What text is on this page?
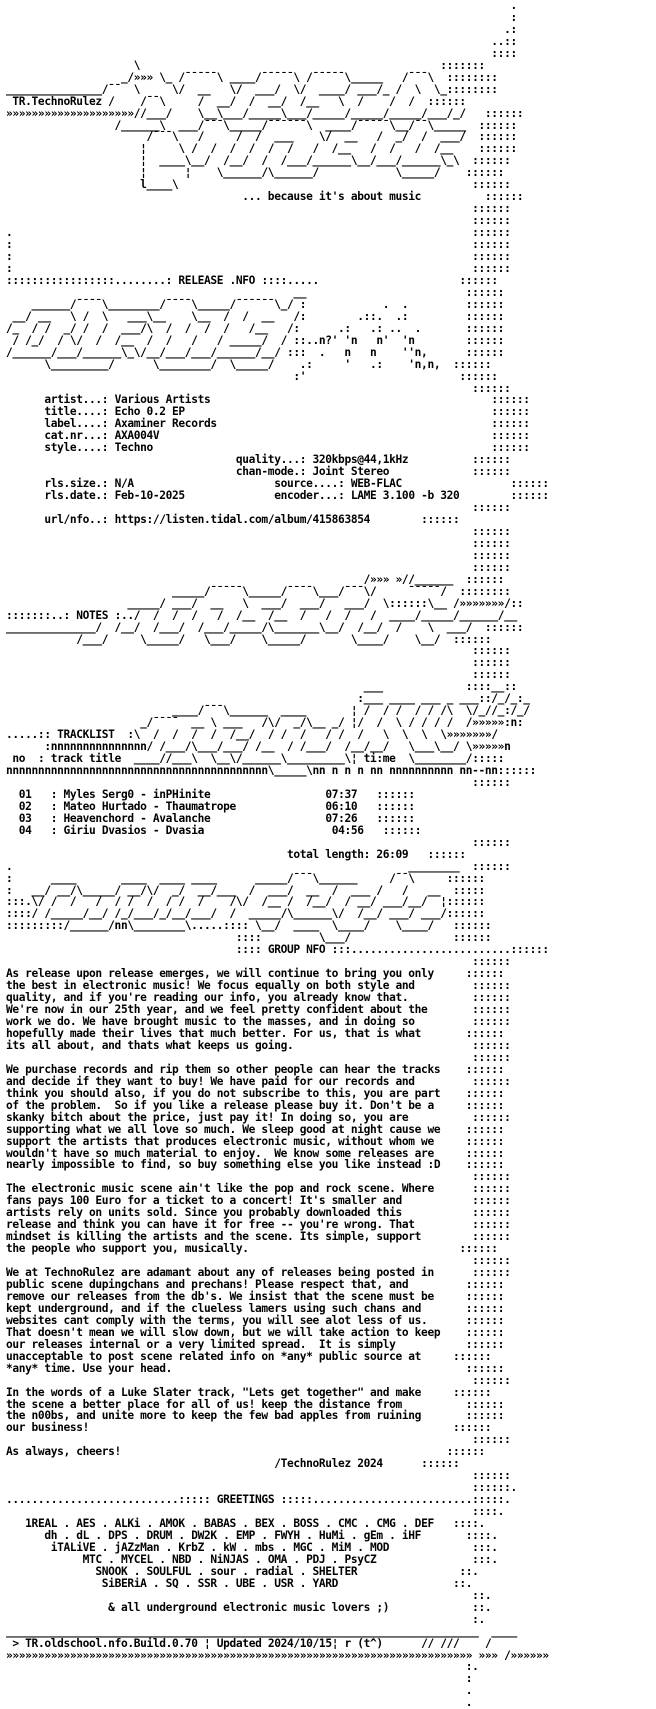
.
:
.:
..::
::::
\                                               :::::::
_/»»» \_ /¯¯¯¯¯\ ____/¯¯¯¯¯\ /¯¯¯¯¯\_____   /¯¯¯\  ::::::::
_______________/¯¯  \     \/  __   \/  ___/  \/  ____/ ___/_ /  \  \_::::::::
TR.TechnoRulez /    /¯¯\     /  __/  /  __/  /__   \  /    /  /  ::::::
»»»»»»»»»»»»»»»»»»»»//___/    \__\___/_____\___/_____/_____/_____/___/_/   ::::::
/______\  ___/¯¯¯\_____/¯¯¯¯¯¯\  ____/¯¯¯¯¯\__/¯¯\_____  ::::::
/¯¯¯\   /     /  /  ___    \/  __   /  _/  /  ___/  ::::::
¦     \ /  /  /  /  /  /   /  /__   /  /   /  /__    ::::::
¦  ____\__/  /__/  /  /___/______\__/___/______\_\  ::::::
¦      ¦    \______/\______/            \_____/    ::::::
l____\                                              ::::::
... because it's about music	::::::
::::::
::::::
.                                                                        ::::::
:                                                                        ::::::
:                                                                        ::::::
:                                                                        ::::::
:::::::::::::::::........: RELEASE .NFO ::::.....                      ::::::
__                         ::::::
______/¯¯¯¯\________/¯¯¯¯\_____/¯¯¯¯¯¯\_/ :            .  .         ::::::
__/ __   \ /  \   ___\__    \__  /  /  __   /:        .::.  .:         ::::::
/_  / /  _/ /  /  ___/\  /  /  /  /   /__   /:      .:   .: ..  .       ::::::
/ /_/  / \/  /  /__  /  /   /   / _____/  / ::..n?' 'n   n'  'n        ::::::
/______/___/______\_\/__/___/___/______/__/ :::  .   n   n    ''n,      ::::::
\_________/      \________/  \_____/    .:     '   .:    'n,n,  ::::::
:'                        ::::::
::::::
artist...: Various Artists	::::::
title....: Echo 0.2 EP	::::::
label....: Axaminer Records	::::::
cat.nr...: AXA004V	::::::
style....: Techno	::::::
quality...: 320kbps@44,1kHz	::::::
chan-mode.: Joint Stereo	::::::
rls.size.: N/A                      source....: WEB-FLAC	::::::
rls.date.: Feb-10-2025              encoder...: LAME 3.100 -b 320	::::::
::::::
url/nfo..: https://listen.tidal.com/album/415863854	::::::
::::::
::::::
::::::
::::::
/»»» »//______  ::::::
_____/¯¯¯¯¯\_____/¯¯¯¯\___/¯¯¯\/     ¯¯¯¯¯/  ::::::::
_____/ ___/  __   \  ___/  ___/   ___/  \::::::\__ /»»»»»»»/::
:::::::..: NOTES :../  /  /  /   /  /__  /__  /   /  /   /  ____/_____/______/__
______________/  /__/  /___/  /___/_____/\_______\__/  /__/  /    \  ___/  ::::::
/___/     \_____/   \___/    \_____/       \____/    \__/  ::::::
::::::
::::::
::::::
___             ::::__::
:___ ____ ___ _ ___::/_/_:_
____/¯¯¯\______  ____       ¦ /  / /  / / /\  \/_//_:/_/
_/¯¯¯¯  __ \ ___   /\/  _/\__ _/ ¦/  /  \ / / / /  /»»»»»:n:
.....:: TRACKLIST  :\  /  /  /  /  /__/  / /  /   / /  /   \  \  \  \»»»»»»»/
:nnnnnnnnnnnnnnn/ /___/\___/___/ /__  / /___/  /__/__/   \___\__/ \»»»»»n
no  : track title  ____//___\  \__\/______\_________\¦ ti:me  \________/:::::
nnnnnnnnnnnnnnnnnnnnnnnnnnnnnnnnnnnnnnnnn\_____\nn n n n nn nnnnnnnnnn nn--nn::::::
::::::
01   : Myles Serg0 - inPHinite	07:37   ::::::
02   : Mateo Hurtado - Thaumatrope	06:10   ::::::
03   : Heavenchord - Avalanche	07:26   ::::::
04   : Giriu Dvasios - Dvasia	04:56   ::::::
::::::
total length: 26:09   ::::::
.                                                              ________  ::::::
:      ____       ____  ____ ____      _____/¯¯¯\______     /¯¯\     ::::::
:   __/ __/\_____/ __/\/  _/  __/___  /  ___/  __  /  ___ /   /   __  :::::
:::.\/ /  /   /  / /  /  / /  /    /\/  /__ /  /__/  / __/ ___/__/  ¦::::::
::::/ /_____/__/ /_/___/_/__/___/  /  _____/\______\/  /__/ ___/ ___/::::::
:::::::::/______/nn\________\.....:::: \__/  ____  \____/    \____/   ::::::
::::         \___/                ::::::
:::: GROUP NFO :::.........................::::::
::::::
As release upon release emerges, we will continue to bring you only	::::::
the best in electronic music! We focus equally on both style and	::::::
quality, and if you're reading our info, you already know that.	::::::
We're now in our 25th year, and we feel pretty confident about the	::::::
work we do. We have brought music to the masses, and in doing so	::::::
hopefully made their lives that much better. For us, that is what	::::::
its all about, and thats what keeps us going.	::::::
::::::
We purchase records and rip them so other people can hear the tracks    ::::::
and decide if they want to buy! We have paid for our records and	::::::
think you should also, if you do not subscribe to this, you are part    ::::::
of the problem.  So if you like a release please buy it. Don't be a	::::::
skanky bitch about the price, just pay it! In doing so, you are	::::::
supporting what we all love so much. We sleep good at night cause we    ::::::
support the artists that produces electronic music, without whom we	::::::
wouldn't have so much material to enjoy.  We know some releases are	::::::
nearly impossible to find, so buy something else you like instead :D    ::::::
::::::
The electronic music scene ain't like the pop and rock scene. Where	::::::
fans pays 100 Euro for a ticket to a concert! It's smaller and	::::::
artists rely on units sold. Since you probably downloaded this	::::::
release and think you can have it for free -- you're wrong. That	::::::
mindset is killing the artists and the scene. Its simple, support	::::::
the people who support you, musically.	::::::
::::::
We at TechnoRulez are adamant about any of releases being posted in	::::::
public scene dupingchans and prechans! Please respect that, and	::::::
remove our releases from the db's. We insist that the scene must be	::::::
kept underground, and if the clueless lamers using such chans and	::::::
websites cant comply with the terms, you will see alot less of us.	::::::
That doesn't mean we will slow down, but we will take action to keep    ::::::
our releases internal or a very limited spread.  It is simply	::::::
unacceptable to post scene related info on *any* public source at	::::::
*any* time. Use your head.	::::::
::::::
In the words of a Luke Slater track, "Lets get together" and make	::::::
the scene a better place for all of us! keep the distance from	::::::
the n00bs, and unite more to keep the few bad apples from ruining	::::::
our business!	::::::
::::::
As always, cheers!	::::::
/TechnoRulez 2024	::::::
::::::
::::::.
...........................::::: GREETINGS :::::.........................:::::.
::::.
1REAL . AES . ALKi . AMOK . BABAS . BEX . BOSS . CMC . CMG . DEF   ::::.
dh . dL . DPS . DRUM . DW2K . EMP . FWYH . HuMi . gEm . iHF	::::.
iTALiVE . jAZzMan . KrbZ . kW . mbs . MGC . MiM . MOD	:::.
MTC . MYCEL . NBD . NiNJAS . OMA . PDJ . PsyCZ	:::.
SNOOK . SOULFUL . sour . radial . SHELTER	::.
SiBERiA . SQ . SSR . UBE . USR . YARD	::.
::.
& all underground electronic music lovers ;)	::.
:.
__________________________________________________________________________  ____
> TR.oldschool.nfo.Build.0.70 ¦ Updated 2024/10/15¦ r (t^)      // ///    /
»»»»»»»»»»»»»»»»»»»»»»»»»»»»»»»»»»»»»»»»»»»»»»»»»»»»»»»»»»»»»»»»»»»»»»»»» »»» /»»»»»»
:.
:
.
.
